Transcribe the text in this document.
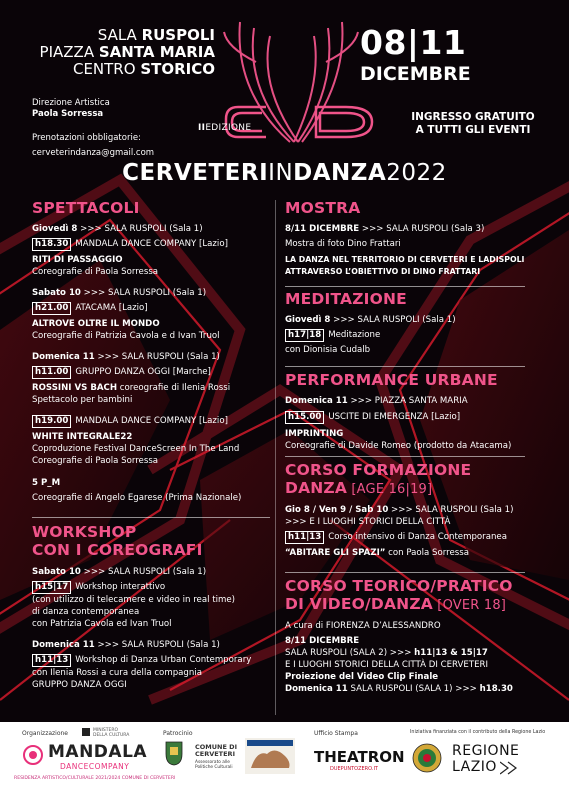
SALA RUSPOLI
PIAZZA SANTA MARIA
CENTRO STORICO
Direzione Artistica
Paola Sorressa
Prenotazioni obbligatorie:
cerveterindanza@gmail.com
IIEDIZIONE
08|11
DICEMBRE
INGRESSO GRATUITO
A TUTTI GLI EVENTI
CERVETERIINDANZA2022
SPETTACOLI
Giovedì 8 >>> SALA RUSPOLI (Sala 1)
h18.30 MANDALA DANCE COMPANY [Lazio]
RITI DI PASSAGGIO
Coreografie di Paola Sorressa
Sabato 10 >>> SALA RUSPOLI (Sala 1)
h21.00 ATACAMA [Lazio]
ALTROVE OLTRE IL MONDO
Coreografie di Patrizia Cavola e d Ivan Truol
Domenica 11 >>> SALA RUSPOLI (Sala 1)
h11.00 GRUPPO DANZA OGGI [Marche]
ROSSINI VS BACH coreografie di Ilenia Rossi
Spettacolo per bambini
h19.00 MANDALA DANCE COMPANY [Lazio]
WHITE INTEGRALE22
Coproduzione Festival DanceScreen In The Land
Coreografie di Paola Sorressa
5 P_M
Coreografie di Angelo Egarese (Prima Nazionale)
WORKSHOP
CON I COREOGRAFI
Sabato 10 >>> SALA RUSPOLI (Sala 1)
h15|17 Workshop interattivo
(con utilizzo di telecamere e video in real time)
di danza contemporanea
con Patrizia Cavola ed Ivan Truol
Domenica 11 >>> SALA RUSPOLI (Sala 1)
h11|13 Workshop di Danza Urban Contemporary
con Ilenia Rossi a cura della compagnia
GRUPPO DANZA OGGI
MOSTRA
8/11 DICEMBRE >>> SALA RUSPOLI (Sala 3)
Mostra di foto Dino Frattari
LA DANZA NEL TERRITORIO DI CERVETERI E LADISPOLI
ATTRAVERSO L’OBIETTIVO DI DINO FRATTARI
MEDITAZIONE
Giovedì 8 >>> SALA RUSPOLI (Sala 1)
h17|18 Meditazione
con Dionisia Cudalb
PERFORMANCE URBANE
Domenica 11 >>> PIAZZA SANTA MARIA
h15.00 USCITE DI EMERGENZA [Lazio]
IMPRINTING
Coreografie di Davide Romeo (prodotto da Atacama)
CORSO FORMAZIONE
DANZA [AGE 16|19]
Gio 8 / Ven 9 / Sab 10 >>> SALA RUSPOLI (Sala 1)
>>> E I LUOGHI STORICI DELLA CITTÀ
h11|13 Corso intensivo di Danza Contemporanea
“ABITARE GLI SPAZI” con Paola Sorressa
CORSO TEORICO/PRATICO
DI VIDEO/DANZA [OVER 18]
A cura di FIORENZA D’ALESSANDRO
8/11 DICEMBRE
SALA RUSPOLI (SALA 2) >>> h11|13 & 15|17
E I LUOGHI STORICI DELLA CITTÀ DI CERVETERI
Proiezione del Video Clip Finale
Domenica 11 SALA RUSPOLI (SALA 1) >>> h18.30
Organizzazione	MINISTERO DELLA CULTURA
MANDALA
DANCECOMPANY
RESIDENZA ARTISTICO/CULTURALE 2021/2024 COMUNE DI CERVETERI
Patrocinio
COMUNE DI CERVETERI
Assessorato alle Politiche Culturali
Ufficio Stampa
THEATRON
DUEPUNTOZERO.IT
Iniziativa finanziata con il contributo della Regione Lazio
REGIONE
LAZIO
